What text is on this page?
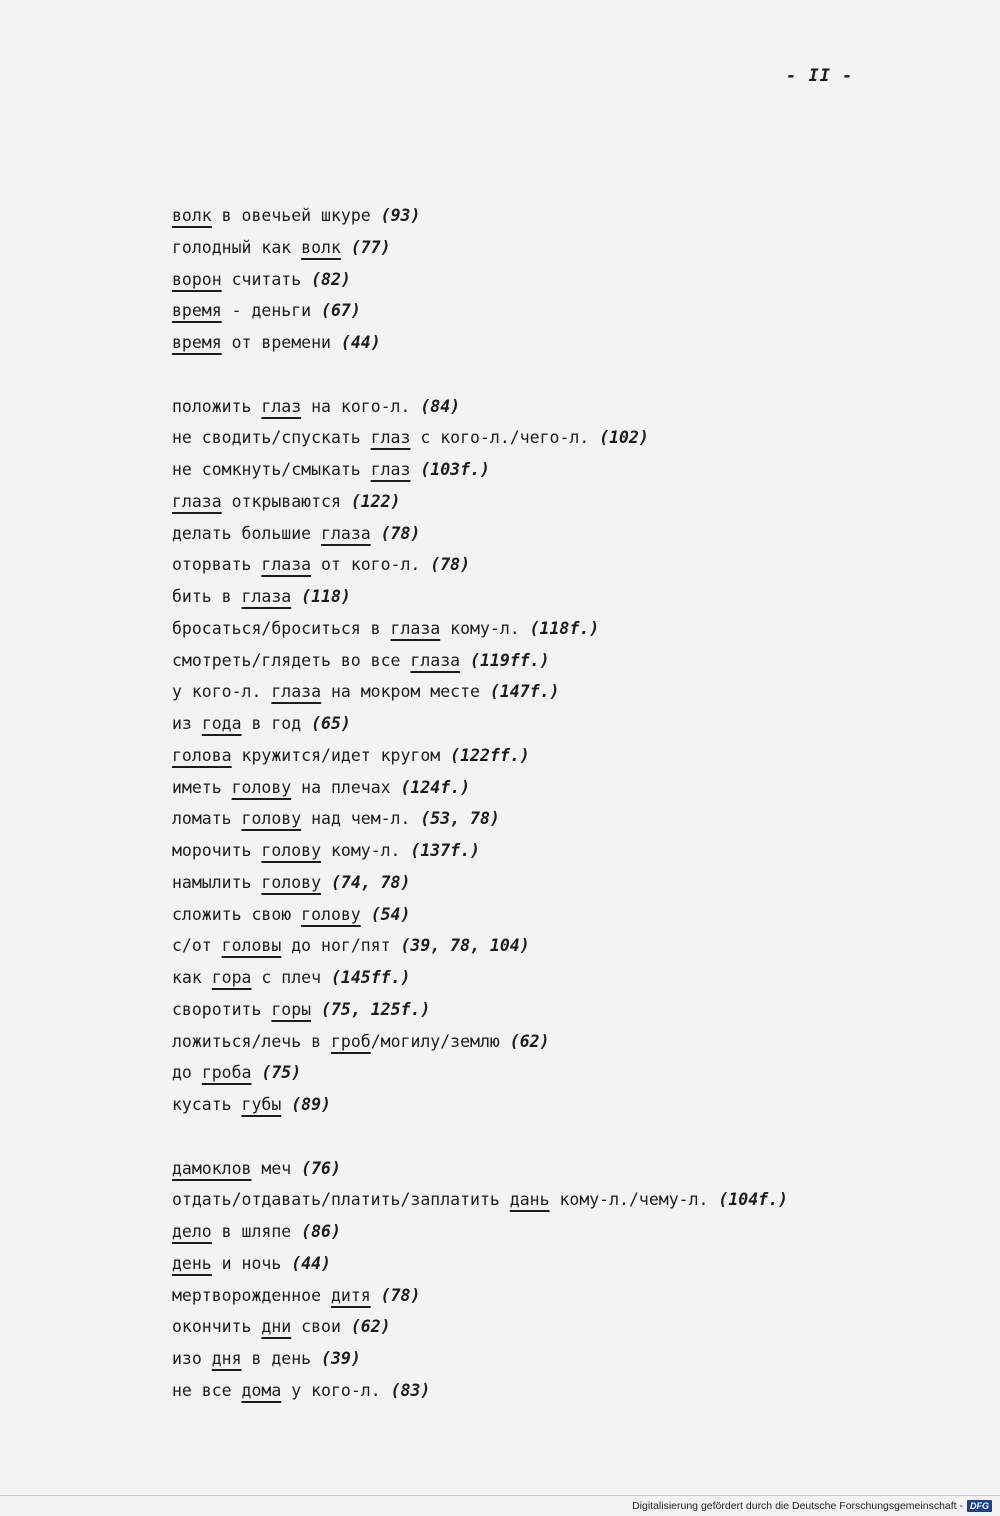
- II -
волк в овечьей шкуре (93)
голодный как волк (77)
ворон считать (82)
время - деньги (67)
время от времени (44)
положить глаз на кого-л. (84)
не сводить/спускать глаз с кого-л./чего-л. (102)
не сомкнуть/смыкать глаз (103f.)
глаза открываются (122)
делать большие глаза (78)
оторвать глаза от кого-л. (78)
бить в глаза (118)
бросаться/броситься в глаза кому-л. (118f.)
смотреть/глядеть во все глаза (119ff.)
у кого-л. глаза на мокром месте (147f.)
из года в год (65)
голова кружится/идет кругом (122ff.)
иметь голову на плечах (124f.)
ломать голову над чем-л. (53, 78)
морочить голову кому-л. (137f.)
намылить голову (74, 78)
сложить свою голову (54)
с/от головы до ног/пят (39, 78, 104)
как гора с плеч (145ff.)
своротить горы (75, 125f.)
ложиться/лечь в гроб/могилу/землю (62)
до гроба (75)
кусать губы (89)
дамоклов меч (76)
отдать/отдавать/платить/заплатить дань кому-л./чему-л. (104f.)
дело в шляпе (86)
день и ночь (44)
мертворожденное дитя (78)
окончить дни свои (62)
изо дня в день (39)
не все дома у кого-л. (83)
Digitalisierung gefördert durch die Deutsche Forschungsgemeinschaft - DFG
